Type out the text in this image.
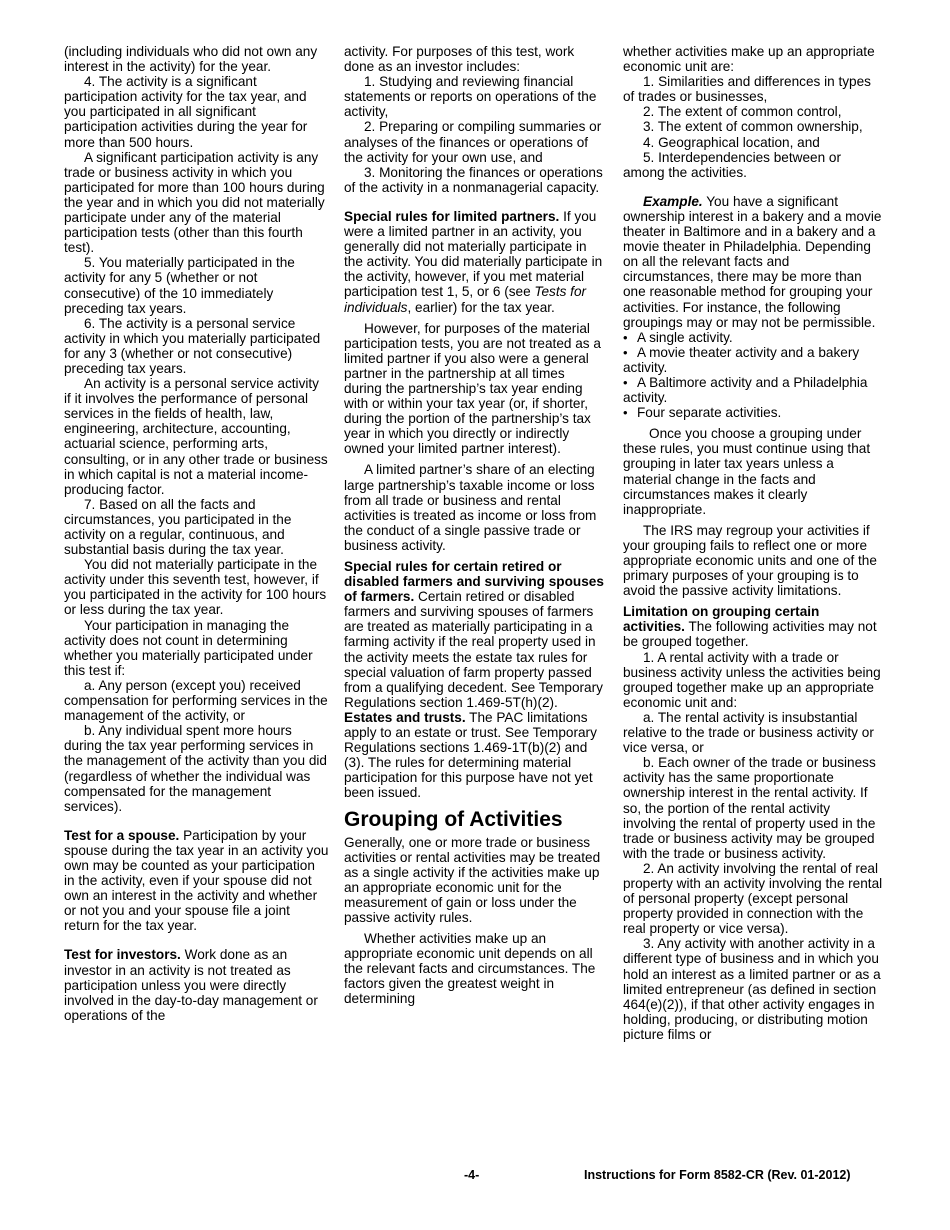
(including individuals who did not own any interest in the activity) for the year.

4. The activity is a significant participation activity for the tax year, and you participated in all significant participation activities during the year for more than 500 hours.

A significant participation activity is any trade or business activity in which you participated for more than 100 hours during the year and in which you did not materially participate under any of the material participation tests (other than this fourth test).

5. You materially participated in the activity for any 5 (whether or not consecutive) of the 10 immediately preceding tax years.

6. The activity is a personal service activity in which you materially participated for any 3 (whether or not consecutive) preceding tax years.

An activity is a personal service activity if it involves the performance of personal services in the fields of health, law, engineering, architecture, accounting, actuarial science, performing arts, consulting, or in any other trade or business in which capital is not a material income-producing factor.

7. Based on all the facts and circumstances, you participated in the activity on a regular, continuous, and substantial basis during the tax year.

You did not materially participate in the activity under this seventh test, however, if you participated in the activity for 100 hours or less during the tax year.

Your participation in managing the activity does not count in determining whether you materially participated under this test if:

a. Any person (except you) received compensation for performing services in the management of the activity, or

b. Any individual spent more hours during the tax year performing services in the management of the activity than you did (regardless of whether the individual was compensated for the management services).

Test for a spouse. Participation by your spouse during the tax year in an activity you own may be counted as your participation in the activity, even if your spouse did not own an interest in the activity and whether or not you and your spouse file a joint return for the tax year.

Test for investors. Work done as an investor in an activity is not treated as participation unless you were directly involved in the day-to-day management or operations of the

activity. For purposes of this test, work done as an investor includes:

1. Studying and reviewing financial statements or reports on operations of the activity,

2. Preparing or compiling summaries or analyses of the finances or operations of the activity for your own use, and

3. Monitoring the finances or operations of the activity in a nonmanagerial capacity.

Special rules for limited partners. If you were a limited partner in an activity, you generally did not materially participate in the activity. You did materially participate in the activity, however, if you met material participation test 1, 5, or 6 (see Tests for individuals, earlier) for the tax year.

However, for purposes of the material participation tests, you are not treated as a limited partner if you also were a general partner in the partnership at all times during the partnership’s tax year ending with or within your tax year (or, if shorter, during the portion of the partnership’s tax year in which you directly or indirectly owned your limited partner interest).

A limited partner’s share of an electing large partnership’s taxable income or loss from all trade or business and rental activities is treated as income or loss from the conduct of a single passive trade or business activity.

Special rules for certain retired or disabled farmers and surviving spouses of farmers. Certain retired or disabled farmers and surviving spouses of farmers are treated as materially participating in a farming activity if the real property used in the activity meets the estate tax rules for special valuation of farm property passed from a qualifying decedent. See Temporary Regulations section 1.469-5T(h)(2).

Estates and trusts. The PAC limitations apply to an estate or trust. See Temporary Regulations sections 1.469-1T(b)(2) and (3). The rules for determining material participation for this purpose have not yet been issued.

Grouping of Activities

Generally, one or more trade or business activities or rental activities may be treated as a single activity if the activities make up an appropriate economic unit for the measurement of gain or loss under the passive activity rules.

Whether activities make up an appropriate economic unit depends on all the relevant facts and circumstances. The factors given the greatest weight in determining

whether activities make up an appropriate economic unit are:

1. Similarities and differences in types of trades or businesses,

2. The extent of common control,

3. The extent of common ownership,

4. Geographical location, and

5. Interdependencies between or among the activities.

Example. You have a significant ownership interest in a bakery and a movie theater in Baltimore and in a bakery and a movie theater in Philadelphia. Depending on all the relevant facts and circumstances, there may be more than one reasonable method for grouping your activities. For instance, the following groupings may or may not be permissible.

• A single activity.

• A movie theater activity and a bakery activity.

• A Baltimore activity and a Philadelphia activity.

• Four separate activities.

Once you choose a grouping under these rules, you must continue using that grouping in later tax years unless a material change in the facts and circumstances makes it clearly inappropriate.

The IRS may regroup your activities if your grouping fails to reflect one or more appropriate economic units and one of the primary purposes of your grouping is to avoid the passive activity limitations.

Limitation on grouping certain activities. The following activities may not be grouped together.

1. A rental activity with a trade or business activity unless the activities being grouped together make up an appropriate economic unit and:

a. The rental activity is insubstantial relative to the trade or business activity or vice versa, or

b. Each owner of the trade or business activity has the same proportionate ownership interest in the rental activity. If so, the portion of the rental activity involving the rental of property used in the trade or business activity may be grouped with the trade or business activity.

2. An activity involving the rental of real property with an activity involving the rental of personal property (except personal property provided in connection with the real property or vice versa).

3. Any activity with another activity in a different type of business and in which you hold an interest as a limited partner or as a limited entrepreneur (as defined in section 464(e)(2)), if that other activity engages in holding, producing, or distributing motion picture films or

-4-	Instructions for Form 8582-CR (Rev. 01-2012)
